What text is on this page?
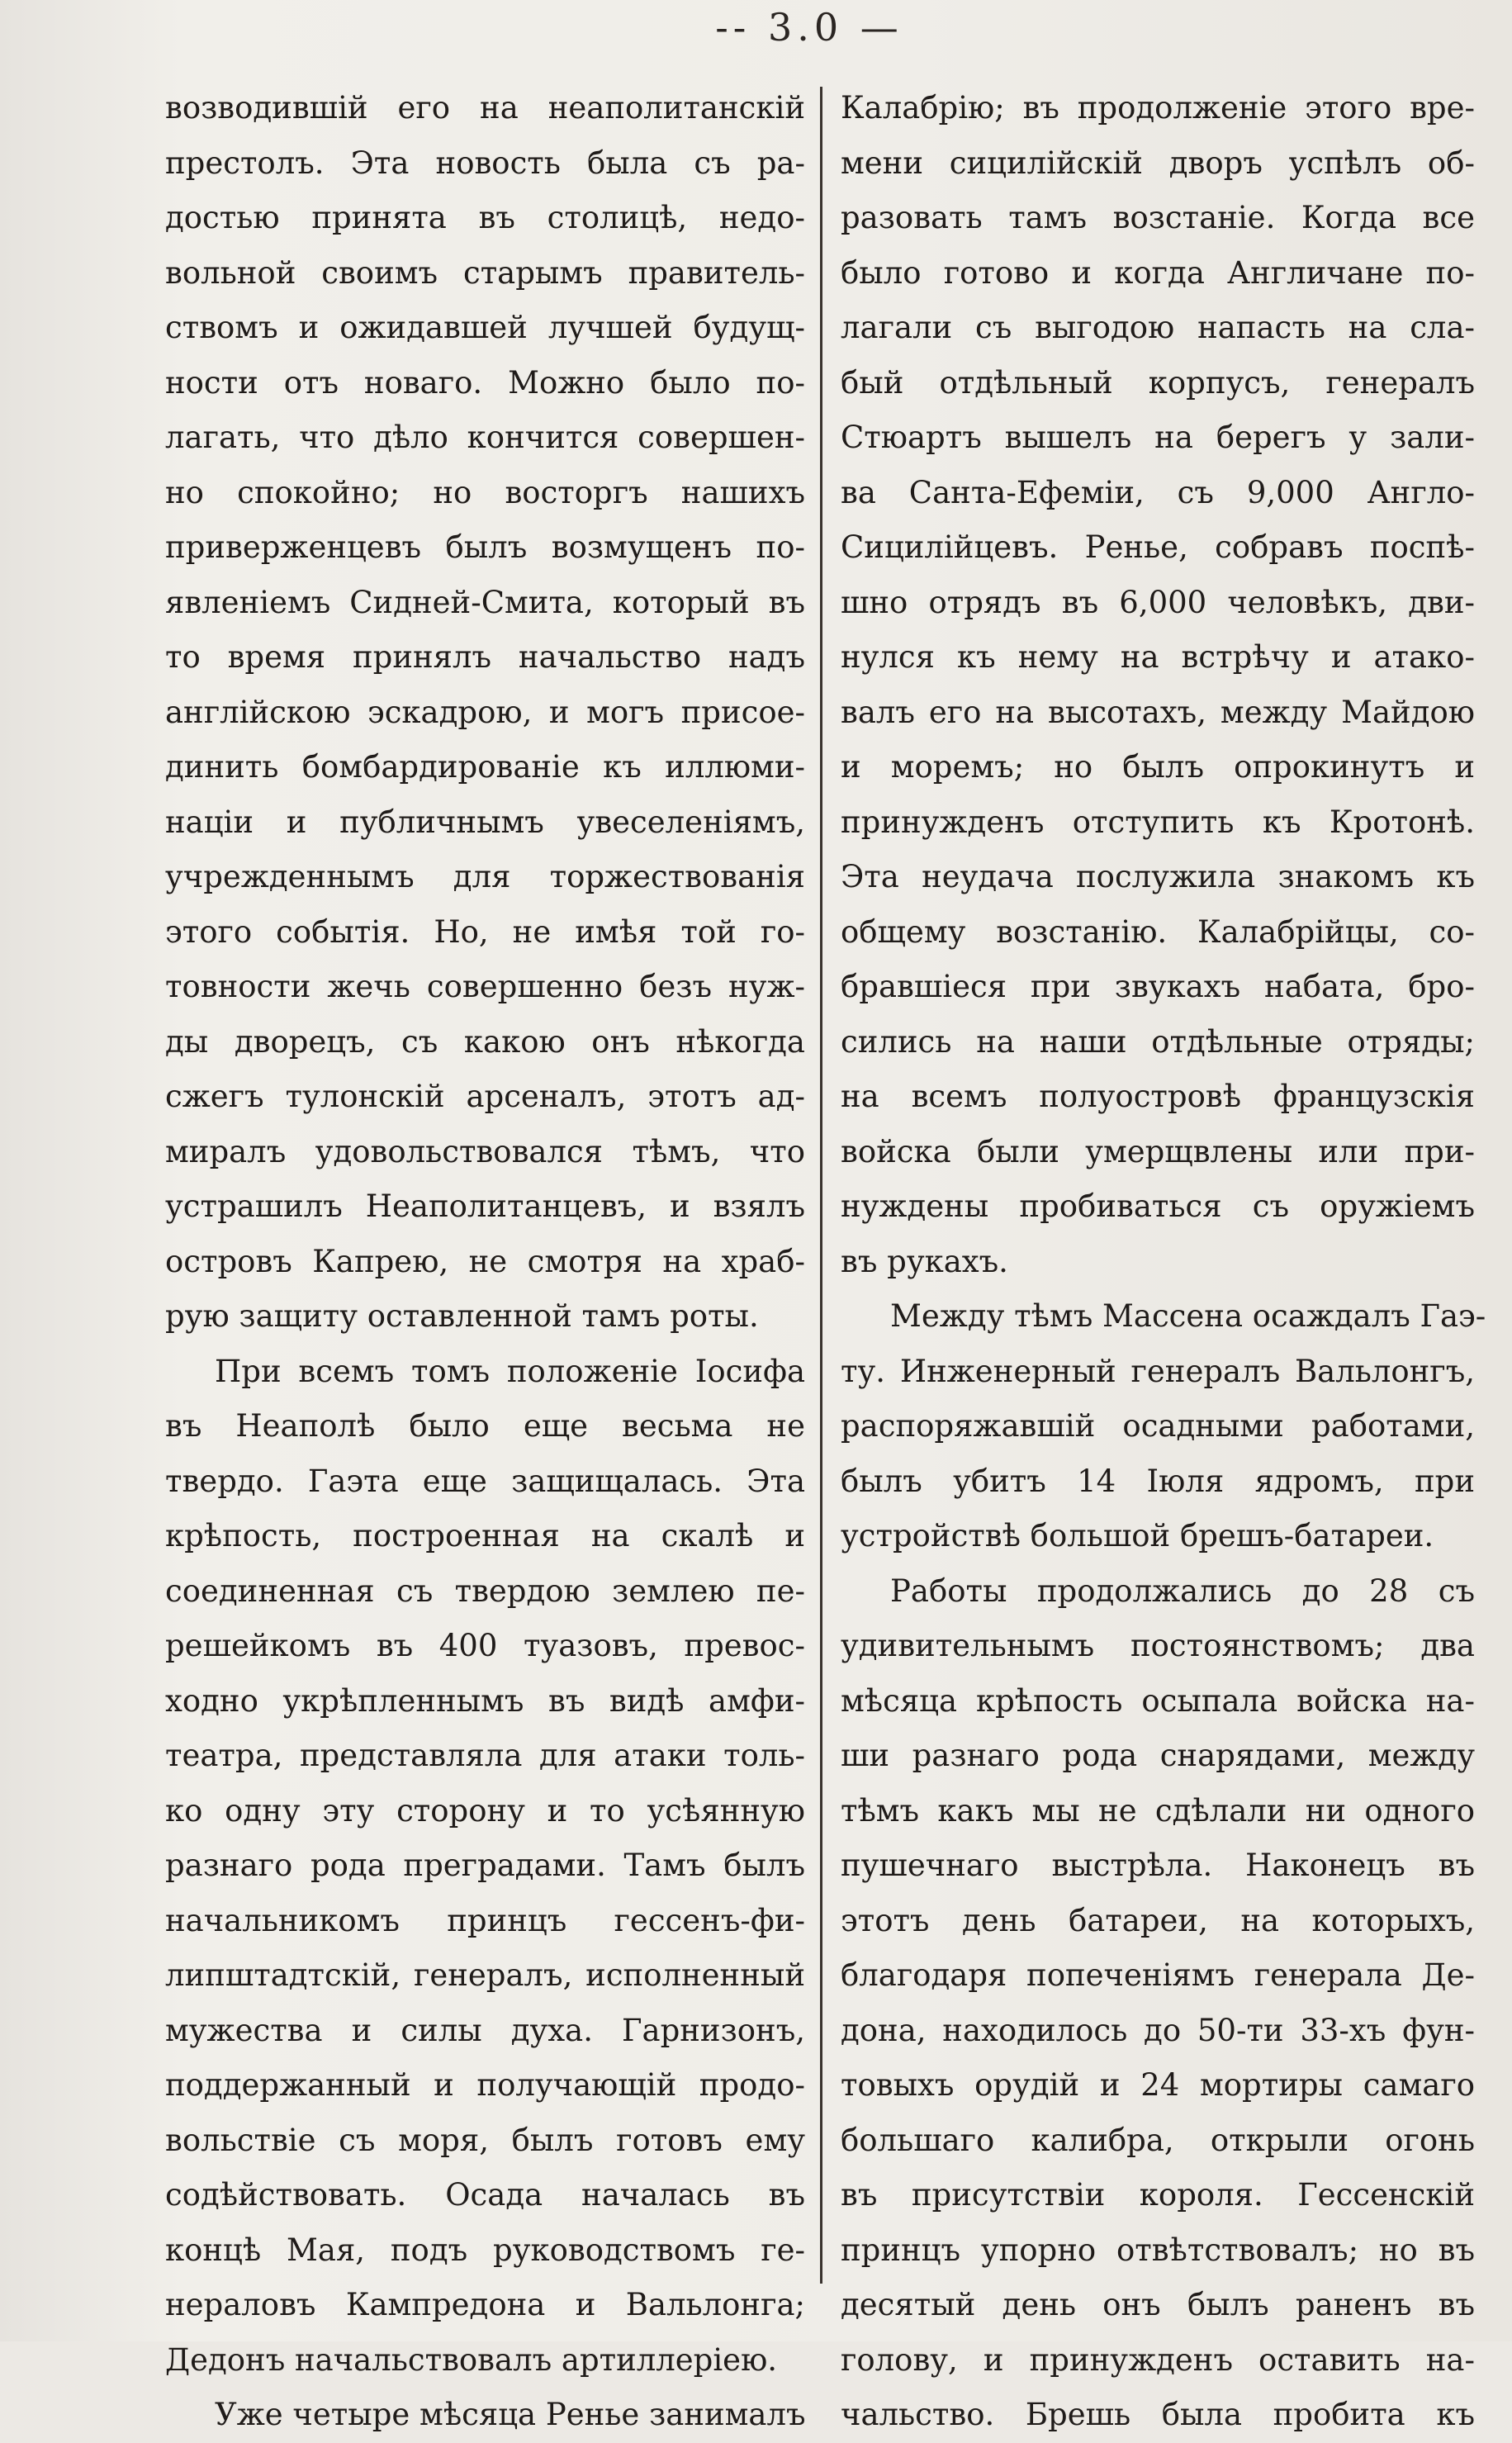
-- 3.0 —
возводившій его на неаполитанскій
престолъ. Эта новость была съ ра-
достью принята въ столицѣ, недо-
вольной своимъ старымъ правитель-
ствомъ и ожидавшей лучшей будущ-
ности отъ новаго. Можно было по-
лагать, что дѣло кончится совершен-
но спокойно; но восторгъ нашихъ
приверженцевъ былъ возмущенъ по-
явленіемъ Сидней-Смита, который въ
то время принялъ начальство надъ
англійскою эскадрою, и могъ присое-
динить бомбардированіе къ иллюми-
націи и публичнымъ увеселеніямъ,
учрежденнымъ для торжествованія
этого событія. Но, не имѣя той го-
товности жечь совершенно безъ нуж-
ды дворецъ, съ какою онъ нѣкогда
сжегъ тулонскій арсеналъ, этотъ ад-
миралъ удовольствовался тѣмъ, что
устрашилъ Неаполитанцевъ, и взялъ
островъ Капрею, не смотря на храб-
рую защиту оставленной тамъ роты.
При всемъ томъ положеніе Іосифа
въ Неаполѣ было еще весьма не
твердо. Гаэта еще защищалась. Эта
крѣпость, построенная на скалѣ и
соединенная съ твердою землею пе-
решейкомъ въ 400 туазовъ, превос-
ходно укрѣпленнымъ въ видѣ амфи-
театра, представляла для атаки толь-
ко одну эту сторону и то усѣянную
разнаго рода преградами. Тамъ былъ
начальникомъ принцъ гессенъ-фи-
липштадтскій, генералъ, исполненный
мужества и силы духа. Гарнизонъ,
поддержанный и получающій продо-
вольствіе съ моря, былъ готовъ ему
содѣйствовать. Осада началась въ
концѣ Мая, подъ руководствомъ ге-
нераловъ Кампредона и Вальлонга;
Дедонъ начальствовалъ артиллеріею.
Уже четыре мѣсяца Ренье занималъ
Калабрію; въ продолженіе этого вре-
мени сицилійскій дворъ успѣлъ об-
разовать тамъ возстаніе. Когда все
было готово и когда Англичане по-
лагали съ выгодою напасть на сла-
бый отдѣльный корпусъ, генералъ
Стюартъ вышелъ на берегъ у зали-
ва Санта-Ефеміи, съ 9,000 Англо-
Сицилійцевъ. Ренье, собравъ поспѣ-
шно отрядъ въ 6,000 человѣкъ, дви-
нулся къ нему на встрѣчу и атако-
валъ его на высотахъ, между Майдою
и моремъ; но былъ опрокинутъ и
принужденъ отступить къ Кротонѣ.
Эта неудача послужила знакомъ къ
общему возстанію. Калабрійцы, со-
бравшіеся при звукахъ набата, бро-
сились на наши отдѣльные отряды;
на всемъ полуостровѣ французскія
войска были умерщвлены или при-
нуждены пробиваться съ оружіемъ
въ рукахъ.
Между тѣмъ Массена осаждалъ Гаэ-
ту. Инженерный генералъ Вальлонгъ,
распоряжавшій осадными работами,
былъ убитъ 14 Іюля ядромъ, при
устройствѣ большой брешъ-батареи.
Работы продолжались до 28 съ
удивительнымъ постоянствомъ; два
мѣсяца крѣпость осыпала войска на-
ши разнаго рода снарядами, между
тѣмъ какъ мы не сдѣлали ни одного
пушечнаго выстрѣла. Наконецъ въ
этотъ день батареи, на которыхъ,
благодаря попеченіямъ генерала Де-
дона, находилось до 50-ти 33-хъ фун-
товыхъ орудій и 24 мортиры самаго
большаго калибра, открыли огонь
въ присутствіи короля. Гессенскій
принцъ упорно отвѣтствовалъ; но въ
десятый день онъ былъ раненъ въ
голову, и принужденъ оставить на-
чальство. Брешь была пробита къ
